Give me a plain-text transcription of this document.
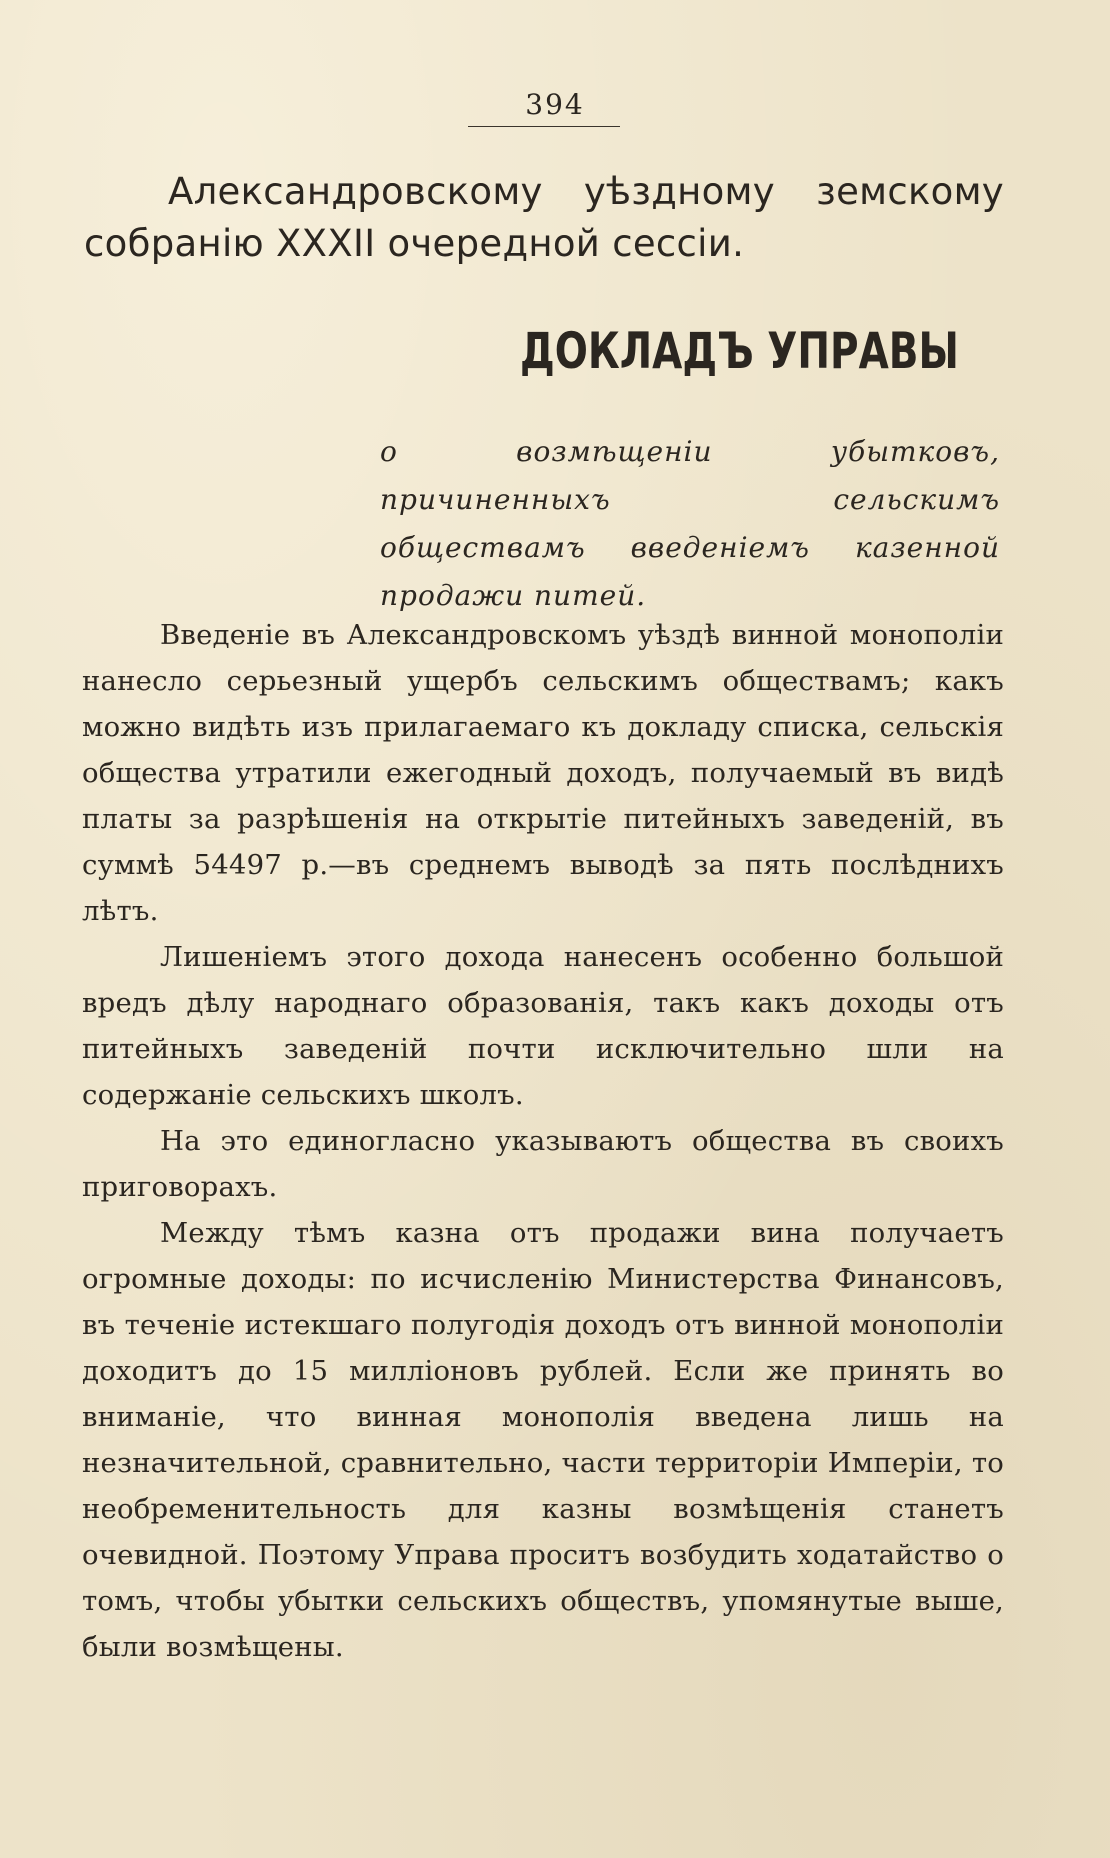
394
Александровскому уѣздному земскому собранію XXXII очередной сессіи.
ДОКЛАДЪ УПРАВЫ
о возмѣщеніи убытковъ, причиненныхъ сельскимъ обществамъ введеніемъ казенной продажи питей.

Введеніе въ Александровскомъ уѣздѣ винной монополіи нанесло серьезный ущербъ сельскимъ обществамъ; какъ можно видѣть изъ прилагаемаго къ докладу списка, сельскія общества утратили ежегодный доходъ, получаемый въ видѣ платы за разрѣшенія на открытіе питейныхъ заведеній, въ суммѣ 54497 р.—въ среднемъ выводѣ за пять послѣднихъ лѣтъ.

Лишеніемъ этого дохода нанесенъ особенно большой вредъ дѣлу народнаго образованія, такъ какъ доходы отъ питейныхъ заведеній почти исключительно шли на содержаніе сельскихъ школъ.

На это единогласно указываютъ общества въ своихъ приговорахъ.

Между тѣмъ казна отъ продажи вина получаетъ огромные доходы: по исчисленію Министерства Финансовъ, въ теченіе истекшаго полугодія доходъ отъ винной монополіи доходитъ до 15 милліоновъ рублей. Если же принять во вниманіе, что винная монополія введена лишь на незначительной, сравнительно, части территоріи Имперіи, то необременительность для казны возмѣщенія станетъ очевидной. Поэтому Управа проситъ возбудить ходатайство о томъ, чтобы убытки сельскихъ обществъ, упомянутые выше, были возмѣщены.
